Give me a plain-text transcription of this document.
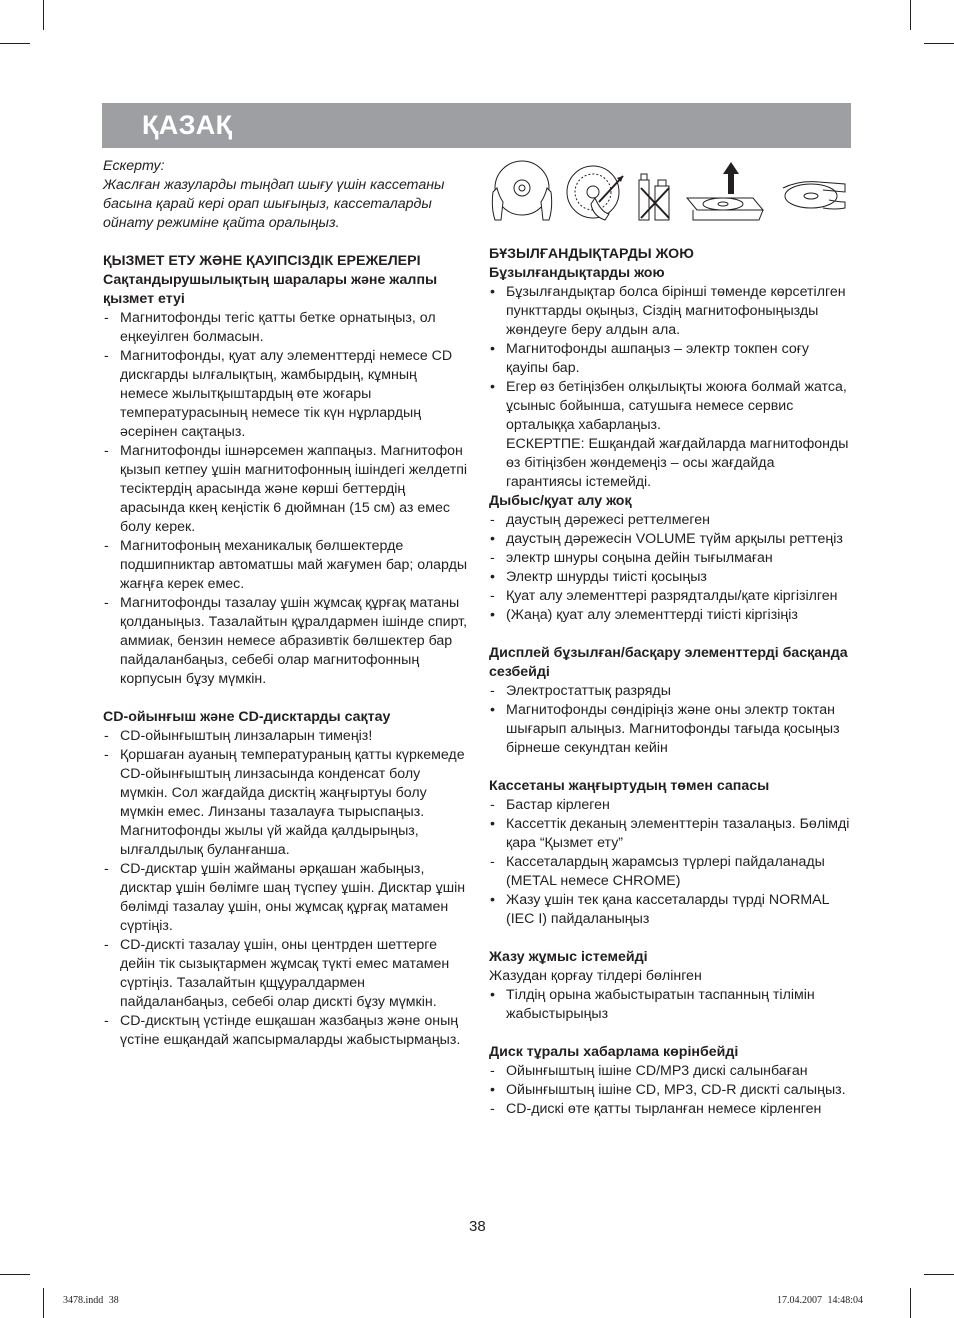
ҚАЗАҚ

Ескерту:

Жаслған жазуларды тыңдап шығу үшін кассетаны басына қарай кері орап шығыңыз, кассеталарды ойнату режиміне қайта оралыңыз.

ҚЫЗМЕТ ЕТУ ЖӘНЕ ҚАУІПСІЗДІК ЕРЕЖЕЛЕРІ

Сақтандырушылықтың шаралары және жалпы қызмет етуі

- Магнитофонды тегіс қатты бетке орнатыңыз, ол еңкеуілген болмасын.
- Магнитофонды, қуат алу элементтерді немесе CD дискгарды ылғалықтың, жамбырдың, кұмның немесе жылытқыштардың өте жоғары температурасының немесе тік күн нұрлардың әсерінен сақтаңыз.
- Магнитофонды ішнәрсемен жаппаңыз. Магнитофон қызып кетпеу ұшін магнитофонның ішіндегі желдетпі тесіктердің арасында және көрші беттердің арасында ккең кеңістік 6 дюймнан (15 см) аз емес болу керек.
- Магнитофоның механикалық бөлшектерде подшипниктар автоматшы май жағумен бар; оларды жағңға керек емес.
- Магнитофонды тазалау ұшін жұмсақ құрғақ матаны қолданыңыз. Тазалайтын құралдармен ішінде спирт, аммиак, бензин немесе абразивтік бөлшектер бар пайдаланбаңыз, себебі олар магнитофонның корпусын бұзу мүмкін.

CD-ойынғыш және CD-дисктарды сақтау

- CD-ойынғыштың линзаларын тимеңіз!
- Қоршаған ауаның температураның қатты күркемеде CD-ойынғыштың линзасында конденсат болу мүмкін. Сол жағдайда дисктің жаңғыртуы болу мүмкін емес. Линзаны тазалауға тырыспаңыз. Магнитофонды жылы үй жайда қалдырыңыз, ылғалдылық буланғанша.
- CD-дисктар ұшін жайманы әрқашан жабыңыз, дисктар ұшін бөлімге шаң түспеу ұшін. Дисктар ұшін бөлімді тазалау ұшін, оны жұмсақ құрғақ матамен сүртіңіз.
- CD-дискті тазалау ұшін, оны центрден шеттерге дейін тік сызықтармен жұмсақ түкті емес матамен сүртіңіз. Тазалайтын қщұуралдармен пайдаланбаңыз, себебі олар дискті бұзу мүмкін.
- CD-дисктың үстінде ешқашан жазбаңыз және оның үстіне ешқандай жапсырмаларды жабыстырмаңыз.

БҰЗЫЛҒАНДЫҚТАРДЫ ЖОЮ

Бұзылғандықтарды жою

• Бұзылғандықтар болса бірінші төменде көрсетілген пункттарды оқыңыз, Сіздің магнитофоныңызды жөндеуге беру алдын ала.
• Магнитофонды ашпаңыз – электр токпен соғу қауіпы бар.
• Егер өз бетіңізбен олқылықты жоюға болмай жатса, ұсыныс бойынша, сатушыға немесе сервис орталыққа хабарлаңыз.
ЕСКЕРТПЕ: Ешқандай жағдайларда магнитофонды өз бітіңізбен жөндемеңіз – осы жағдайда гарантиясы істемейді.

Дыбыс/қуат алу жоқ

- даустың дәрежесі реттелмеген
• даустың дәрежесін VOLUME түйм арқылы реттеңіз
- электр шнуры соңына дейін тығылмаған
• Электр шнурды тиісті қосыңыз
- Қуат алу элементтері разрядталды/қате кіргізілген
• (Жаңа) қуат алу элементтерді тиісті кіргізіңіз

Дисплей бұзылған/басқару элементтерді басқанда сезбейді

- Электростаттық разряды
• Магнитофонды сөндіріңіз және оны электр токтан шығарып алыңыз. Магнитофонды тағыда қосыңыз бірнеше секундтан кейін

Кассетаны жаңғыртудың төмен сапасы

- Бастар кірлеген
• Кассеттік деканың элементтерін тазалаңыз. Бөлімді қара “Қызмет ету”
- Кассеталардың жарамсыз түрлері пайдаланады (METAL немесе CHROME)
• Жазу ұшін тек қана кассеталарды түрді NORMAL (IEC I) пайдаланыңыз

Жазу жұмыс істемейді

Жазудан қорғау тілдері бөлінген

• Тілдің орына жабыстыратын таспанның тілімін жабыстырыңыз

Диск тұралы хабарлама көрінбейді

- Ойынғыштың ішіне CD/MP3 дискі салынбаған
• Ойынғыштың ішіне CD, MP3, CD-R дискті салыңыз.
- CD-дискі өте қатты тырланған немесе кірленген
38
3478.indd 38	17.04.2007 14:48:04
